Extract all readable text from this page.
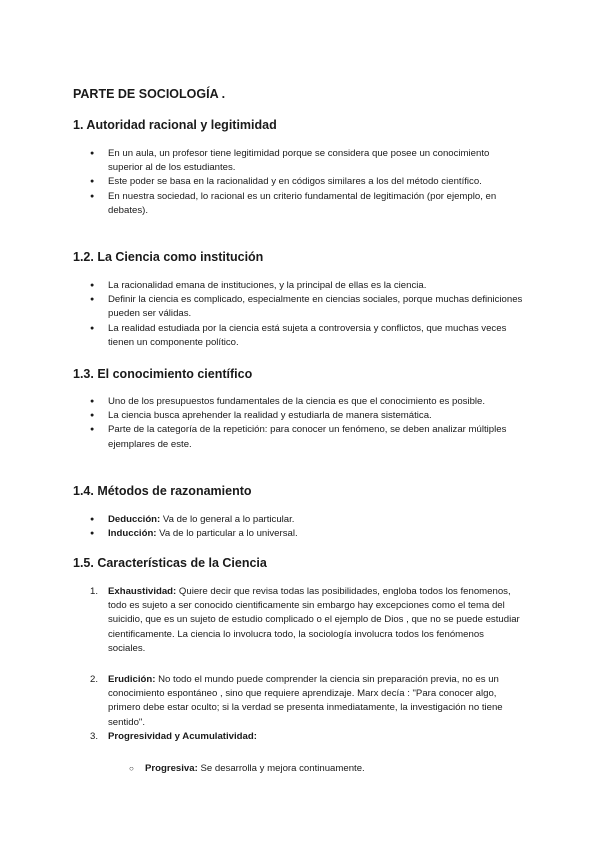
PARTE DE SOCIOLOGÍA .
1. Autoridad racional y legitimidad
● En un aula, un profesor tiene legitimidad porque se considera que posee un conocimiento superior al de los estudiantes.
● Este poder se basa en la racionalidad y en códigos similares a los del método científico.
● En nuestra sociedad, lo racional es un criterio fundamental de legitimación (por ejemplo, en debates).
1.2. La Ciencia como institución
● La racionalidad emana de instituciones, y la principal de ellas es la ciencia.
● Definir la ciencia es complicado, especialmente en ciencias sociales, porque muchas definiciones pueden ser válidas.
● La realidad estudiada por la ciencia está sujeta a controversia y conflictos, que muchas veces tienen un componente político.
1.3. El conocimiento científico
● Uno de los presupuestos fundamentales de la ciencia es que el conocimiento es posible.
● La ciencia busca aprehender la realidad y estudiarla de manera sistemática.
● Parte de la categoría de la repetición: para conocer un fenómeno, se deben analizar múltiples ejemplares de este.
1.4. Métodos de razonamiento
● Deducción: Va de lo general a lo particular.
● Inducción: Va de lo particular a lo universal.
1.5. Características de la Ciencia
1. Exhaustividad: Quiere decir que revisa todas las posibilidades, engloba todos los fenomenos, todo es sujeto a ser conocido cientificamente sin embargo hay excepciones como el tema del suicidio, que es un sujeto de estudio complicado o el ejemplo de Dios , que no se puede estudiar cientificamente. La ciencia lo involucra todo, la sociología involucra todos los fenómenos sociales.
2. Erudición: No todo el mundo puede comprender la ciencia sin preparación previa, no es un conocimiento espontáneo , sino que requiere aprendizaje. Marx decía : "Para conocer algo, primero debe estar oculto; si la verdad se presenta inmediatamente, la investigación no tiene sentido".
3. Progresividad y Acumulatividad:
○ Progresiva: Se desarrolla y mejora continuamente.
